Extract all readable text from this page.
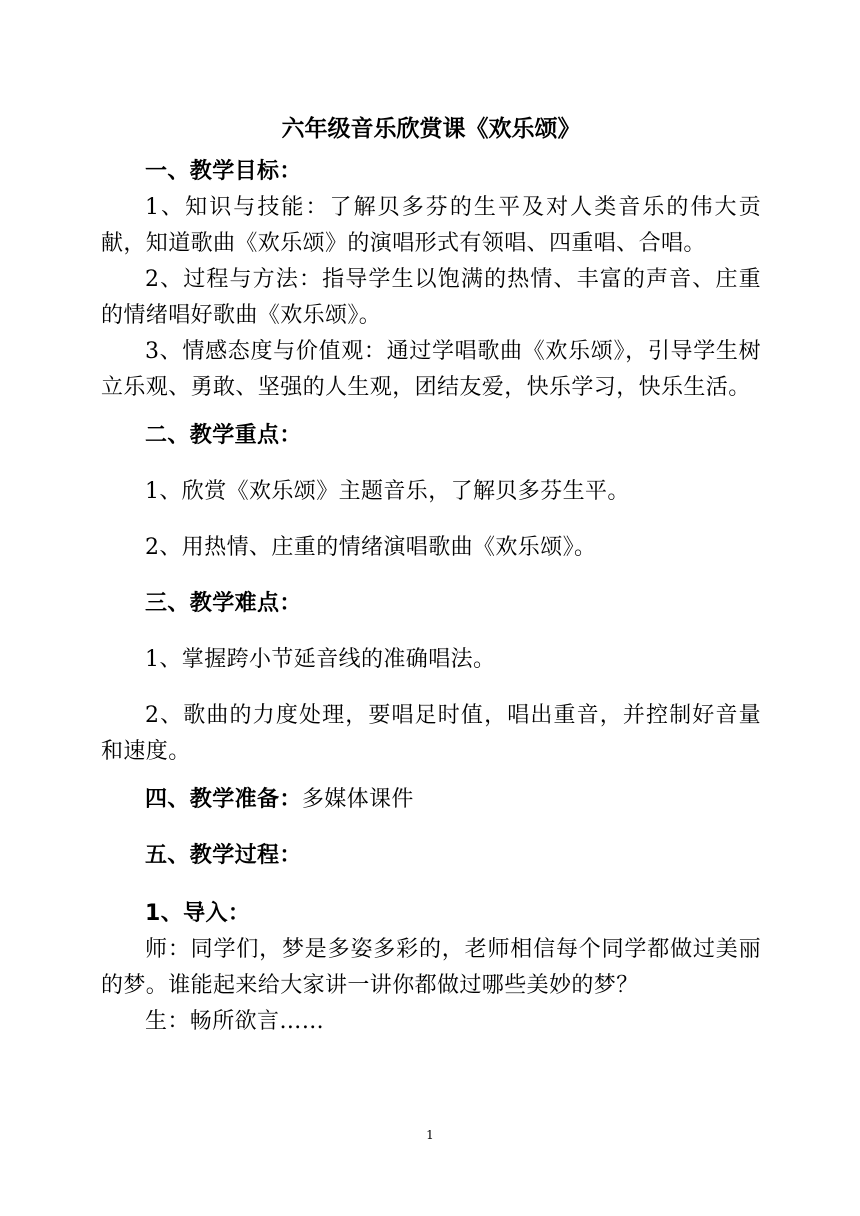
六年级音乐欣赏课《欢乐颂》

一、教学目标：

1、知识与技能：了解贝多芬的生平及对人类音乐的伟大贡献，知道歌曲《欢乐颂》的演唱形式有领唱、四重唱、合唱。

2、过程与方法：指导学生以饱满的热情、丰富的声音、庄重的情绪唱好歌曲《欢乐颂》。

3、情感态度与价值观：通过学唱歌曲《欢乐颂》，引导学生树立乐观、勇敢、坚强的人生观，团结友爱，快乐学习，快乐生活。

二、教学重点：

1、欣赏《欢乐颂》主题音乐，了解贝多芬生平。

2、用热情、庄重的情绪演唱歌曲《欢乐颂》。

三、教学难点：

1、掌握跨小节延音线的准确唱法。

2、歌曲的力度处理，要唱足时值，唱出重音，并控制好音量和速度。

四、教学准备：多媒体课件

五、教学过程：

1、导入：

师：同学们，梦是多姿多彩的，老师相信每个同学都做过美丽的梦。谁能起来给大家讲一讲你都做过哪些美妙的梦？

生：畅所欲言……

1
